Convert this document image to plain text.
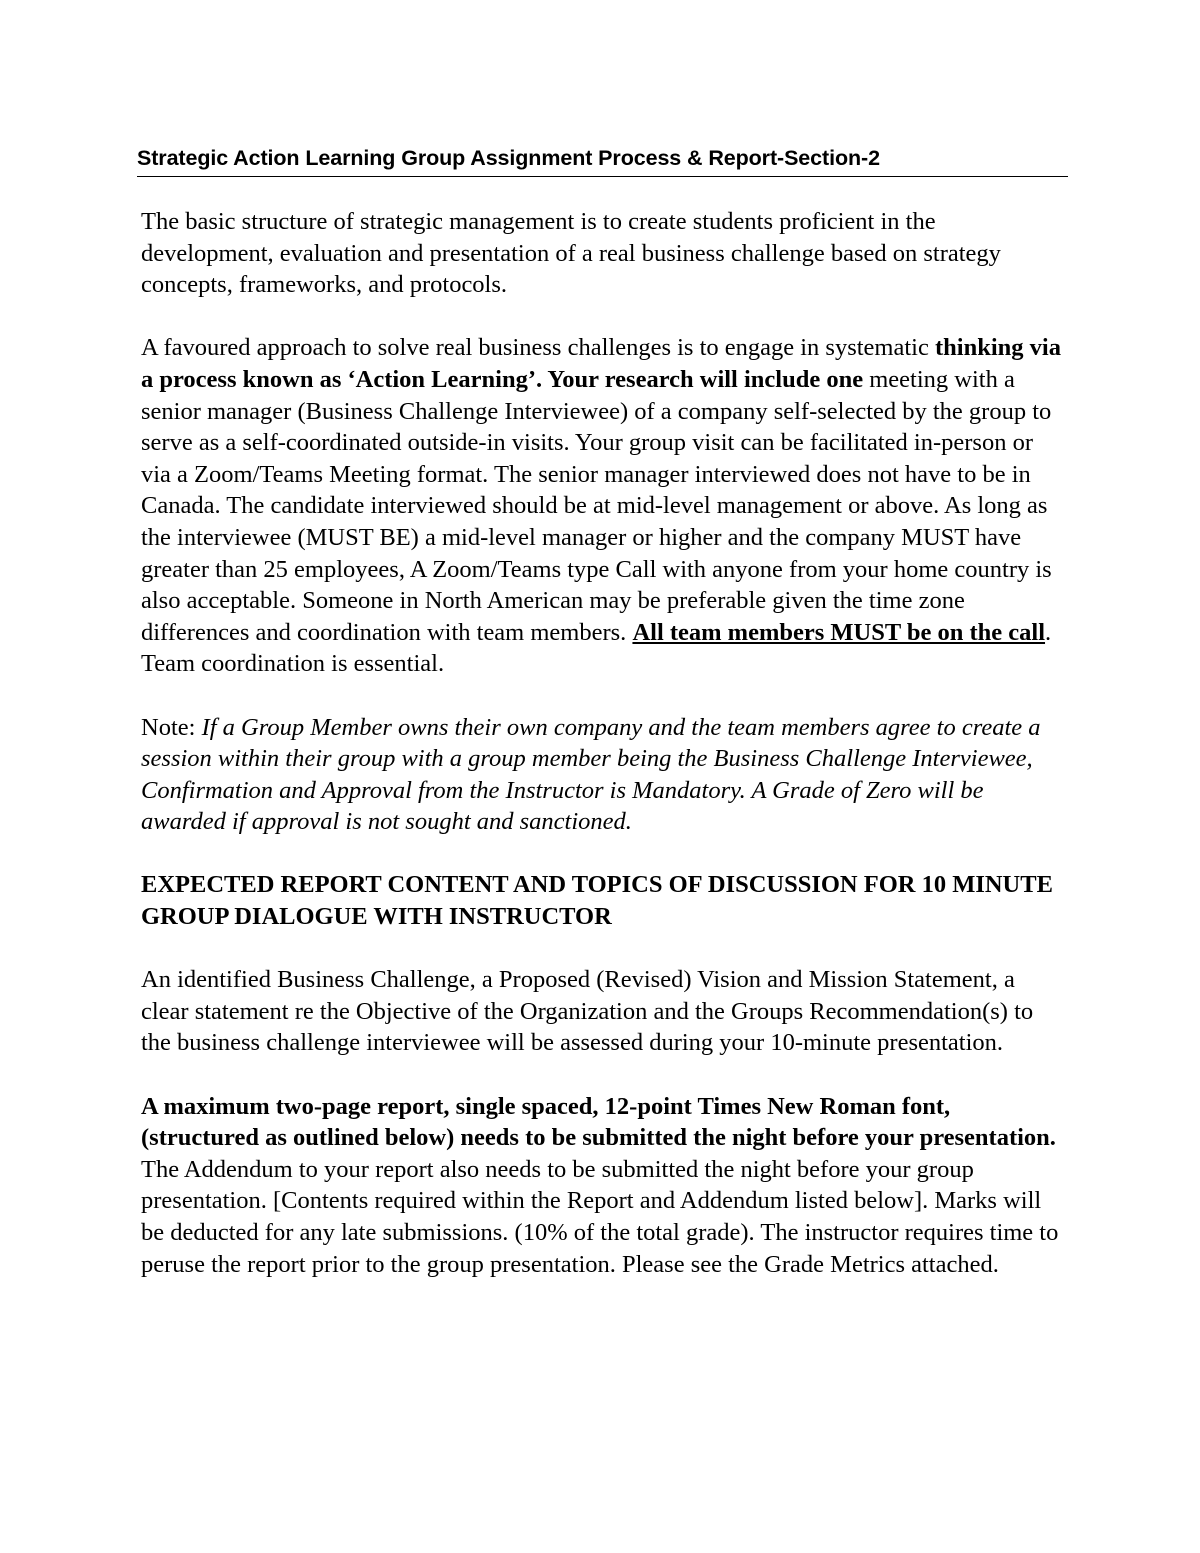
Strategic Action Learning Group Assignment Process & Report-Section-2

The basic structure of strategic management is to create students proficient in the development, evaluation and presentation of a real business challenge based on strategy concepts, frameworks, and protocols.

A favoured approach to solve real business challenges is to engage in systematic thinking via a process known as ‘Action Learning’. Your research will include one meeting with a senior manager (Business Challenge Interviewee) of a company self-selected by the group to serve as a self-coordinated outside-in visits. Your group visit can be facilitated in-person or via a Zoom/Teams Meeting format. The senior manager interviewed does not have to be in Canada. The candidate interviewed should be at mid-level management or above. As long as the interviewee (MUST BE) a mid-level manager or higher and the company MUST have greater than 25 employees, A Zoom/Teams type Call with anyone from your home country is also acceptable. Someone in North American may be preferable given the time zone differences and coordination with team members. All team members MUST be on the call. Team coordination is essential.

Note: If a Group Member owns their own company and the team members agree to create a session within their group with a group member being the Business Challenge Interviewee, Confirmation and Approval from the Instructor is Mandatory. A Grade of Zero will be awarded if approval is not sought and sanctioned.

EXPECTED REPORT CONTENT AND TOPICS OF DISCUSSION FOR 10 MINUTE GROUP DIALOGUE WITH INSTRUCTOR

An identified Business Challenge, a Proposed (Revised) Vision and Mission Statement, a clear statement re the Objective of the Organization and the Groups Recommendation(s) to the business challenge interviewee will be assessed during your 10-minute presentation.

A maximum two-page report, single spaced, 12-point Times New Roman font, (structured as outlined below) needs to be submitted the night before your presentation. The Addendum to your report also needs to be submitted the night before your group presentation. [Contents required within the Report and Addendum listed below]. Marks will be deducted for any late submissions. (10% of the total grade). The instructor requires time to peruse the report prior to the group presentation. Please see the Grade Metrics attached.
